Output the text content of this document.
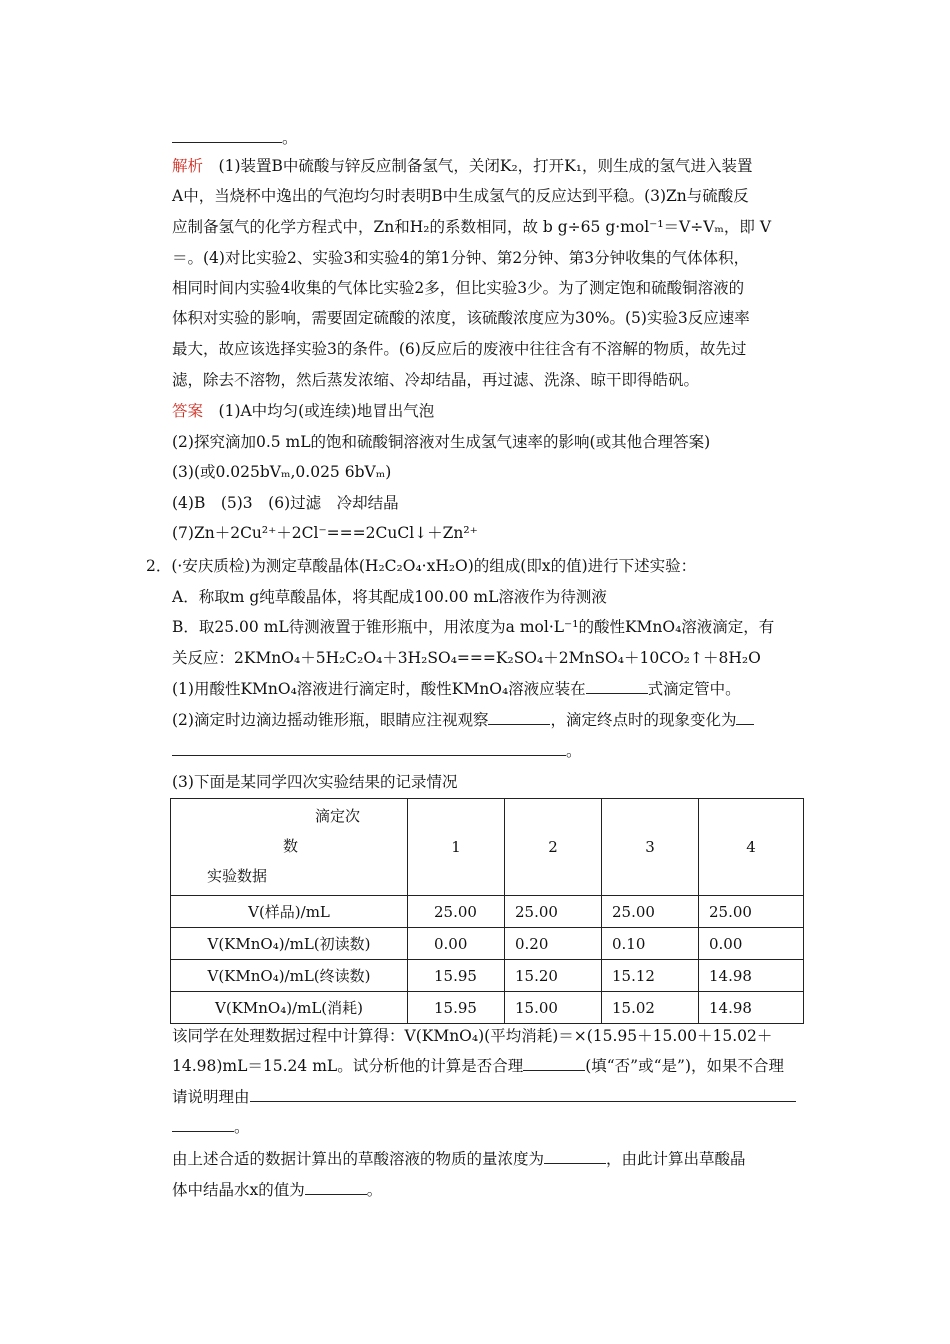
。
解析　 (1)装置B中硫酸与锌反应制备氢气，关闭K₂，打开K₁，则生成的氢气进入装置
A中，当烧杯中逸出的气泡均匀时表明B中生成氢气的反应达到平稳。(3)Zn与硫酸反
应制备氢气的化学方程式中，Zn和H₂的系数相同，故 b g÷65 g·mol⁻¹＝V÷Vₘ，即 V
＝。(4)对比实验2、实验3和实验4的第1分钟、第2分钟、第3分钟收集的气体体积，
相同时间内实验4收集的气体比实验2多，但比实验3少。为了测定饱和硫酸铜溶液的
体积对实验的影响，需要固定硫酸的浓度，该硫酸浓度应为30%。(5)实验3反应速率
最大，故应该选择实验3的条件。(6)反应后的废液中往往含有不溶解的物质，故先过
滤，除去不溶物，然后蒸发浓缩、冷却结晶，再过滤、洗涤、晾干即得皓矾。
答案　 (1)A中均匀(或连续)地冒出气泡
(2)探究滴加0.5 mL的饱和硫酸铜溶液对生成氢气速率的影响(或其他合理答案)
(3)(或0.025bVₘ,0.025 6bVₘ)
(4)B　(5)3　(6)过滤　冷却结晶
(7)Zn＋2Cu²⁺＋2Cl⁻===2CuCl↓＋Zn²⁺
2．(·安庆质检)为测定草酸晶体(H₂C₂O₄·xH₂O)的组成(即x的值)进行下述实验：
A．称取m g纯草酸晶体，将其配成100.00 mL溶液作为待测液
B．取25.00 mL待测液置于锥形瓶中，用浓度为a mol·L⁻¹的酸性KMnO₄溶液滴定，有
关反应：2KMnO₄＋5H₂C₂O₄＋3H₂SO₄===K₂SO₄＋2MnSO₄＋10CO₂↑＋8H₂O
(1)用酸性KMnO₄溶液进行滴定时，酸性KMnO₄溶液应装在	式滴定管中。
(2)滴定时边滴边摇动锥形瓶，眼睛应注视观察	，滴定终点时的现象变化为
。
(3)下面是某同学四次实验结果的记录情况
滴定次
数
实验数据	1	2	3	4
V(样品)/mL	25.00	25.00	25.00	25.00
V(KMnO₄)/mL(初读数)	0.00	0.20	0.10	0.00
V(KMnO₄)/mL(终读数)	15.95	15.20	15.12	14.98
V(KMnO₄)/mL(消耗)	15.95	15.00	15.02	14.98
该同学在处理数据过程中计算得：V(KMnO₄)(平均消耗)＝×(15.95＋15.00＋15.02＋
14.98)mL＝15.24 mL。试分析他的计算是否合理	(填“否”或“是”)，如果不合理
请说明理由
。
由上述合适的数据计算出的草酸溶液的物质的量浓度为	，由此计算出草酸晶
体中结晶水x的值为	。
